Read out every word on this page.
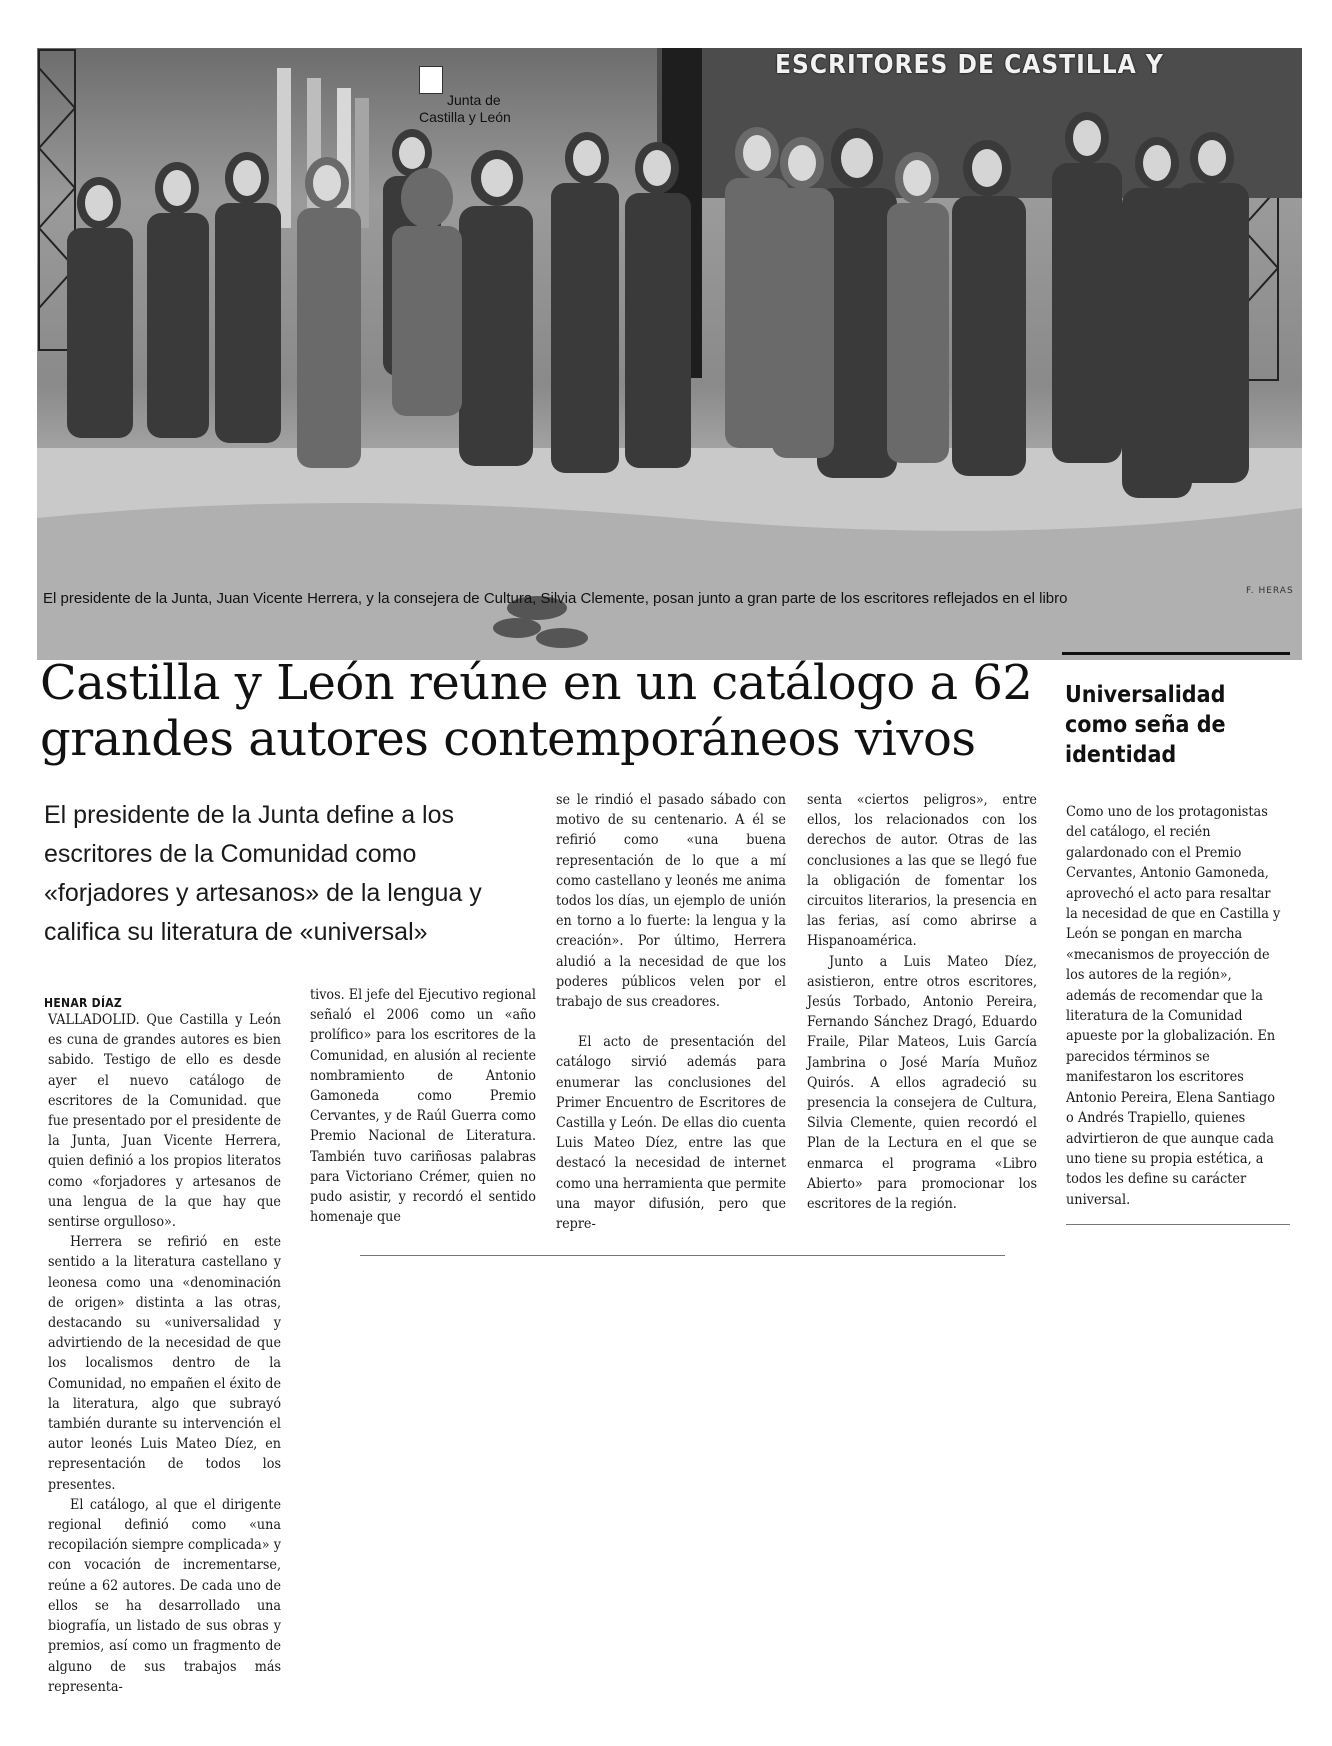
ESCRITORES DE CASTILLA Y
Junta de
Castilla y León
El presidente de la Junta, Juan Vicente Herrera, y la consejera de Cultura, Silvia Clemente, posan junto a gran parte de los escritores reflejados en el libro	F. HERAS
Castilla y León reúne en un catálogo a 62 grandes autores contemporáneos vivos
El presidente de la Junta define a los escritores de la Comunidad como «forjadores y artesanos» de la lengua y califica su literatura de «universal»
HENAR DÍAZ

VALLADOLID. Que Castilla y León es cuna de grandes autores es bien sabido. Testigo de ello es desde ayer el nuevo catálogo de escritores de la Comunidad. que fue presentado por el presidente de la Junta, Juan Vicente Herrera, quien definió a los propios literatos como «forjadores y artesanos de una lengua de la que hay que sentirse orgulloso».

Herrera se refirió en este sentido a la literatura castellano y leonesa como una «denominación de origen» distinta a las otras, destacando su «universalidad y advirtiendo de la necesidad de que los localismos dentro de la Comunidad, no empañen el éxito de la literatura, algo que subrayó también durante su intervención el autor leonés Luis Mateo Díez, en representación de todos los presentes.

El catálogo, al que el dirigente regional definió como «una recopilación siempre complicada» y con vocación de incrementarse, reúne a 62 autores. De cada uno de ellos se ha desarrollado una biografía, un listado de sus obras y premios, así como un fragmento de alguno de sus trabajos más representa-

tivos. El jefe del Ejecutivo regional señaló el 2006 como un «año prolífico» para los escritores de la Comunidad, en alusión al reciente nombramiento de Antonio Gamoneda como Premio Cervantes, y de Raúl Guerra como Premio Nacional de Literatura. También tuvo cariñosas palabras para Victoriano Crémer, quien no pudo asistir, y recordó el sentido homenaje que

se le rindió el pasado sábado con motivo de su centenario. A él se refirió como «una buena representación de lo que a mí como castellano y leonés me anima todos los días, un ejemplo de unión en torno a lo fuerte: la lengua y la creación». Por último, Herrera aludió a la necesidad de que los poderes públicos velen por el trabajo de sus creadores.

El acto de presentación del catálogo sirvió además para enumerar las conclusiones del Primer Encuentro de Escritores de Castilla y León. De ellas dio cuenta Luis Mateo Díez, entre las que destacó la necesidad de internet como una herramienta que permite una mayor difusión, pero que repre-

senta «ciertos peligros», entre ellos, los relacionados con los derechos de autor. Otras de las conclusiones a las que se llegó fue la obligación de fomentar los circuitos literarios, la presencia en las ferias, así como abrirse a Hispanoamérica.

Junto a Luis Mateo Díez, asistieron, entre otros escritores, Jesús Torbado, Antonio Pereira, Fernando Sánchez Dragó, Eduardo Fraile, Pilar Mateos, Luis García Jambrina o José María Muñoz Quirós. A ellos agradeció su presencia la consejera de Cultura, Silvia Clemente, quien recordó el Plan de la Lectura en el que se enmarca el programa «Libro Abierto» para promocionar los escritores de la región.

Universalidad como seña de identidad

Como uno de los protagonistas del catálogo, el recién galardonado con el Premio Cervantes, Antonio Gamoneda, aprovechó el acto para resaltar la necesidad de que en Castilla y León se pongan en marcha «mecanismos de proyección de los autores de la región», además de recomendar que la literatura de la Comunidad apueste por la globalización. En parecidos términos se manifestaron los escritores Antonio Pereira, Elena Santiago o Andrés Trapiello, quienes advirtieron de que aunque cada uno tiene su propia estética, a todos les define su carácter universal.
